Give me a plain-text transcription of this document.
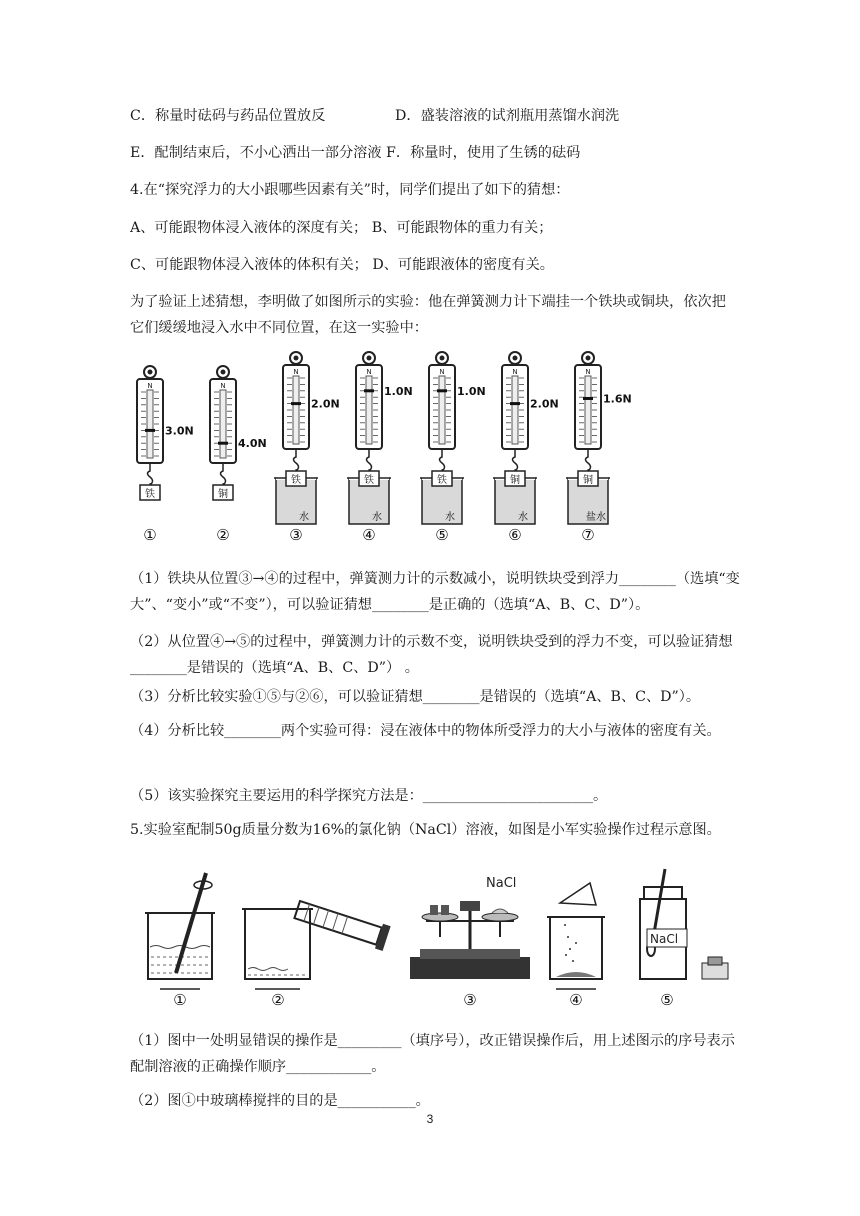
C．称量时砝码与药品位置放反	D．盛装溶液的试剂瓶用蒸馏水润洗
E．配制结束后，不小心洒出一部分溶液 F．称量时，使用了生锈的砝码
4.在“探究浮力的大小跟哪些因素有关”时，同学们提出了如下的猜想：
A、可能跟物体浸入液体的深度有关； B、可能跟物体的重力有关；
C、可能跟物体浸入液体的体积有关； D、可能跟液体的密度有关。
为了验证上述猜想，李明做了如图所示的实验：他在弹簧测力计下端挂一个铁块或铜块，依次把它们缓缓地浸入水中不同位置，在这一实验中：
N
3.0N
铁
①
N
4.0N
铜
②
N
2.0N
水
铁
③
N
1.0N
水
铁
④
N
1.0N
水
铁
⑤
N
2.0N
水
铜
⑥
N
1.6N
盐水
铜
⑦
（1）铁块从位置③→④的过程中，弹簧测力计的示数减小，说明铁块受到浮力________（选填“变大”、“变小”或“不变”），可以验证猜想________是正确的（选填“A、B、C、D”）。
（2）从位置④→⑤的过程中，弹簧测力计的示数不变，说明铁块受到的浮力不变，可以验证猜想________是错误的（选填“A、B、C、D”） 。
（3）分析比较实验①⑤与②⑥，可以验证猜想________是错误的（选填“A、B、C、D”）。
（4）分析比较________两个实验可得：浸在液体中的物体所受浮力的大小与液体的密度有关。
（5）该实验探究主要运用的科学探究方法是：________________________。
5.实验室配制50g质量分数为16%的氯化钠（NaCl）溶液，如图是小军实验操作过程示意图。
NaCl
NaCl
①	②	③	④	⑤
（1）图中一处明显错误的操作是_________（填序号），改正错误操作后，用上述图示的序号表示配制溶液的正确操作顺序____________。
（2）图①中玻璃棒搅拌的目的是___________。
3
